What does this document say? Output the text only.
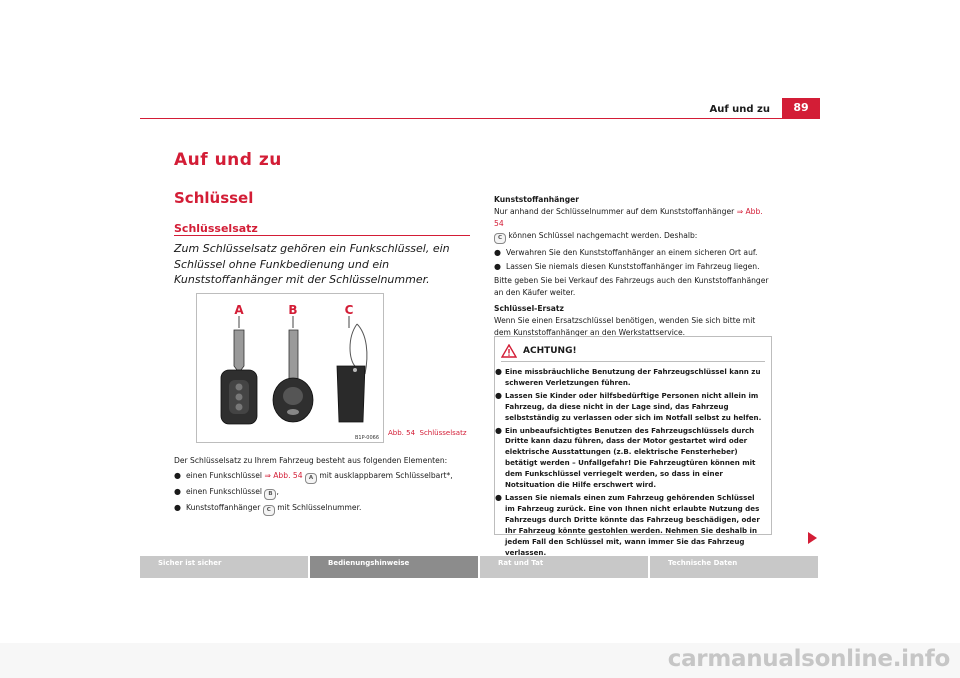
Auf und zu	89
Auf und zu
Schlüssel
Schlüsselsatz
Zum Schlüsselsatz gehören ein Funkschlüssel, ein Schlüssel ohne Funkbedienung und ein Kunststoffanhänger mit der Schlüsselnummer.
A	B	C
B1P-0066
Abb. 54 Schlüsselsatz

Der Schlüsselsatz zu Ihrem Fahrzeug besteht aus folgenden Elementen:

● einen Funkschlüssel ⇒ Abb. 54 A mit ausklappbarem Schlüsselbart*,
● einen Funkschlüssel B ,
● Kunststoffanhänger C mit Schlüsselnummer.
Kunststoffanhänger

Nur anhand der Schlüsselnummer auf dem Kunststoffanhänger ⇒ Abb. 54
C können Schlüssel nachgemacht werden. Deshalb:

● Verwahren Sie den Kunststoffanhänger an einem sicheren Ort auf.
● Lassen Sie niemals diesen Kunststoffanhänger im Fahrzeug liegen.

Bitte geben Sie bei Verkauf des Fahrzeugs auch den Kunststoffanhänger an den Käufer weiter.

Schlüssel-Ersatz

Wenn Sie einen Ersatzschlüssel benötigen, wenden Sie sich bitte mit dem Kunststoffanhänger an den Werkstattservice.

ACHTUNG!
● Eine missbräuchliche Benutzung der Fahrzeugschlüssel kann zu schweren Verletzungen führen.
● Lassen Sie Kinder oder hilfsbedürftige Personen nicht allein im Fahrzeug, da diese nicht in der Lage sind, das Fahrzeug selbstständig zu verlassen oder sich im Notfall selbst zu helfen.
● Ein unbeaufsichtigtes Benutzen des Fahrzeugschlüssels durch Dritte kann dazu führen, dass der Motor gestartet wird oder elektrische Ausstattungen (z.B. elektrische Fensterheber) betätigt werden – Unfallgefahr! Die Fahrzeugtüren können mit dem Funkschlüssel verriegelt werden, so dass in einer Notsituation die Hilfe erschwert wird.
● Lassen Sie niemals einen zum Fahrzeug gehörenden Schlüssel im Fahrzeug zurück. Eine von Ihnen nicht erlaubte Nutzung des Fahrzeugs durch Dritte könnte das Fahrzeug beschädigen, oder Ihr Fahrzeug könnte gestohlen werden. Nehmen Sie deshalb in jedem Fall den Schlüssel mit, wann immer Sie das Fahrzeug verlassen.
Sicher ist sicher	Bedienungshinweise	Rat und Tat	Technische Daten
carmanualsonline.info
